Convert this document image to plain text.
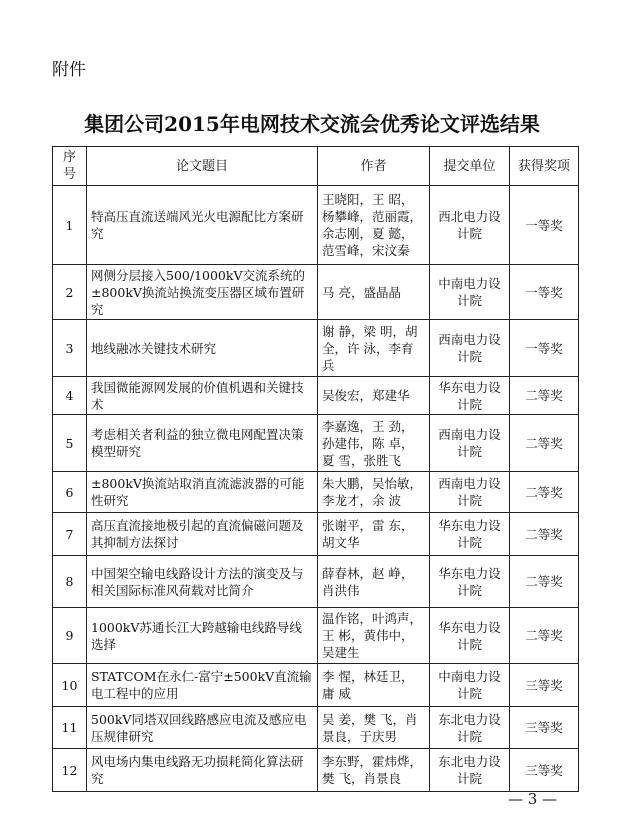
附件
集团公司2015年电网技术交流会优秀论文评选结果
序号	论文题目	作者	提交单位	获得奖项
1	特高压直流送端风光火电源配比方案研究	王晓阳，王 昭，杨攀峰，范丽霞，余志刚，夏 懿，范雪峰，宋汶秦	西北电力设计院	一等奖
2	网侧分层接入500/1000kV交流系统的±800kV换流站换流变压器区域布置研究	马 亮，盛晶晶	中南电力设计院	一等奖
3	地线融冰关键技术研究	谢 静，梁 明，胡 全，许 泳，李育兵	西南电力设计院	一等奖
4	我国微能源网发展的价值机遇和关键技术	吴俊宏，郑建华	华东电力设计院	二等奖
5	考虑相关者利益的独立微电网配置决策模型研究	李嘉逸，王 劲，孙建伟，陈 卓，夏 雪，张胜飞	西南电力设计院	二等奖
6	±800kV换流站取消直流滤波器的可能性研究	朱大鹏，吴怡敏，李龙才，余 波	西南电力设计院	二等奖
7	高压直流接地极引起的直流偏磁问题及其抑制方法探讨	张谢平，雷 东，胡文华	华东电力设计院	二等奖
8	中国架空输电线路设计方法的演变及与相关国际标准风荷载对比简介	薛春林，赵 峥，肖洪伟	华东电力设计院	二等奖
9	1000kV苏通长江大跨越输电线路导线选择	温作铭，叶鸿声，王 彬，黄伟中，吴建生	华东电力设计院	二等奖
10	STATCOM在永仁-富宁±500kV直流输电工程中的应用	李 惺，林廷卫，庸 威	中南电力设计院	三等奖
11	500kV同塔双回线路感应电流及感应电压规律研究	吴 姜，樊 飞，肖景良，于庆男	东北电力设计院	三等奖
12	风电场内集电线路无功损耗简化算法研究	李东野，霍炜烨，樊 飞，肖景良	东北电力设计院	三等奖
— 3 —
